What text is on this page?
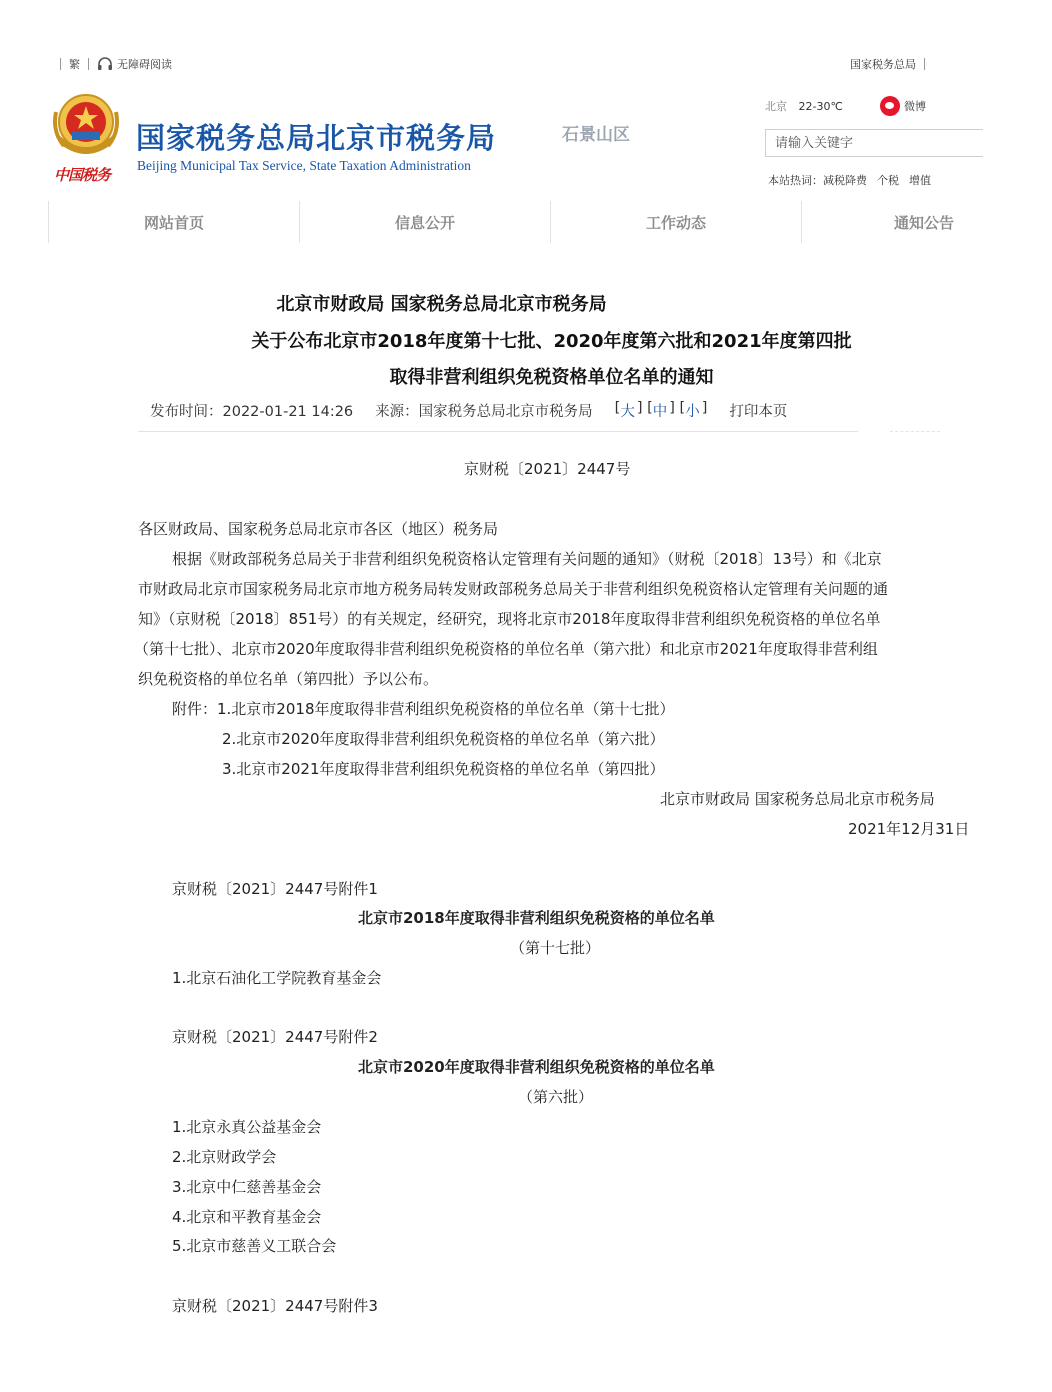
繁	无障碍阅读	国家税务总局
中国税务
国家税务总局北京市税务局
Beijing Municipal Tax Service, State Taxation Administration
石景山区
北京 22-30℃	微博
请输入关键字
本站热词：减税降费 个税 增值
网站首页	信息公开	工作动态	通知公告
北京市财政局 国家税务总局北京市税务局
关于公布北京市2018年度第十七批、2020年度第六批和2021年度第四批
取得非营利组织免税资格单位名单的通知
发布时间：2022-01-21 14:26 来源：国家税务总局北京市税务局 [ 大 ] [ 中 ] [ 小 ] 打印本页
京财税〔2021〕2447号
各区财政局、国家税务总局北京市各区（地区）税务局
根据《财政部税务总局关于非营利组织免税资格认定管理有关问题的通知》（财税〔2018〕13号）和《北京
市财政局北京市国家税务局北京市地方税务局转发财政部税务总局关于非营利组织免税资格认定管理有关问题的通
知》（京财税〔2018〕851号）的有关规定，经研究，现将北京市2018年度取得非营利组织免税资格的单位名单
（第十七批）、北京市2020年度取得非营利组织免税资格的单位名单（第六批）和北京市2021年度取得非营利组
织免税资格的单位名单（第四批）予以公布。
附件：1.北京市2018年度取得非营利组织免税资格的单位名单（第十七批）
2.北京市2020年度取得非营利组织免税资格的单位名单（第六批）
3.北京市2021年度取得非营利组织免税资格的单位名单（第四批）
北京市财政局 国家税务总局北京市税务局
2021年12月31日
京财税〔2021〕2447号附件1
北京市2018年度取得非营利组织免税资格的单位名单
（第十七批）
1.北京石油化工学院教育基金会
京财税〔2021〕2447号附件2
北京市2020年度取得非营利组织免税资格的单位名单
（第六批）
1.北京永真公益基金会
2.北京财政学会
3.北京中仁慈善基金会
4.北京和平教育基金会
5.北京市慈善义工联合会
京财税〔2021〕2447号附件3
